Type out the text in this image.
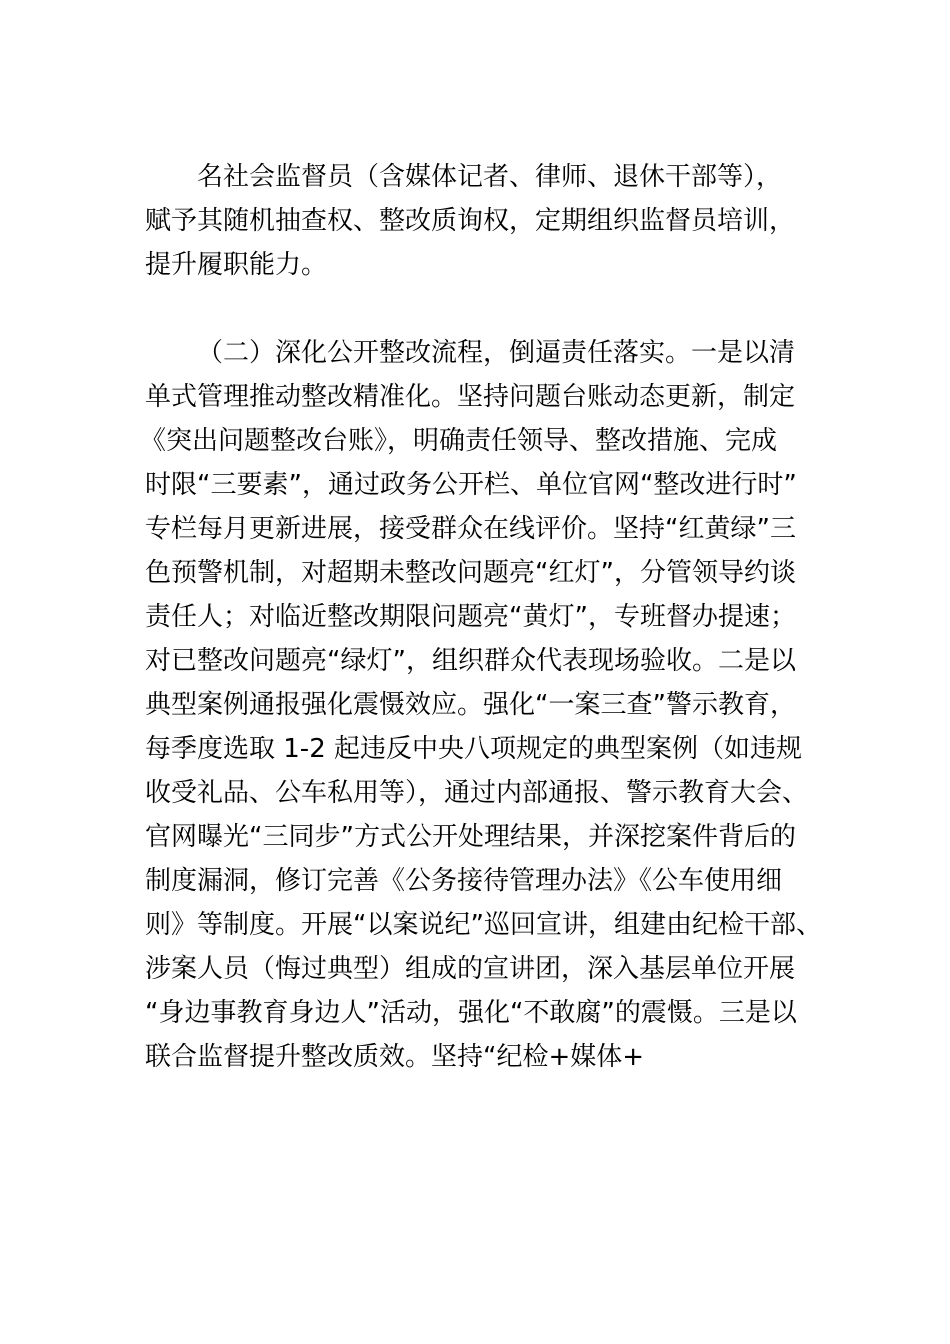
名社会监督员（含媒体记者、律师、退休干部等），
赋予其随机抽查权、整改质询权，定期组织监督员培训，
提升履职能力。
（二）深化公开整改流程，倒逼责任落实。一是以清
单式管理推动整改精准化。坚持问题台账动态更新，制定
《突出问题整改台账》，明确责任领导、整改措施、完成
时限“三要素”，通过政务公开栏、单位官网“整改进行时”
专栏每月更新进展，接受群众在线评价。坚持“红黄绿”三
色预警机制，对超期未整改问题亮“红灯”，分管领导约谈
责任人；对临近整改期限问题亮“黄灯”，专班督办提速；
对已整改问题亮“绿灯”，组织群众代表现场验收。二是以
典型案例通报强化震慑效应。强化“一案三查”警示教育，
每季度选取 1-2 起违反中央八项规定的典型案例（如违规
收受礼品、公车私用等），通过内部通报、警示教育大会、
官网曝光“三同步”方式公开处理结果，并深挖案件背后的
制度漏洞，修订完善《公务接待管理办法》《公车使用细
则》等制度。开展“以案说纪”巡回宣讲，组建由纪检干部、
涉案人员（悔过典型）组成的宣讲团，深入基层单位开展
“身边事教育身边人”活动，强化“不敢腐”的震慑。三是以
联合监督提升整改质效。坚持“纪检+媒体+
